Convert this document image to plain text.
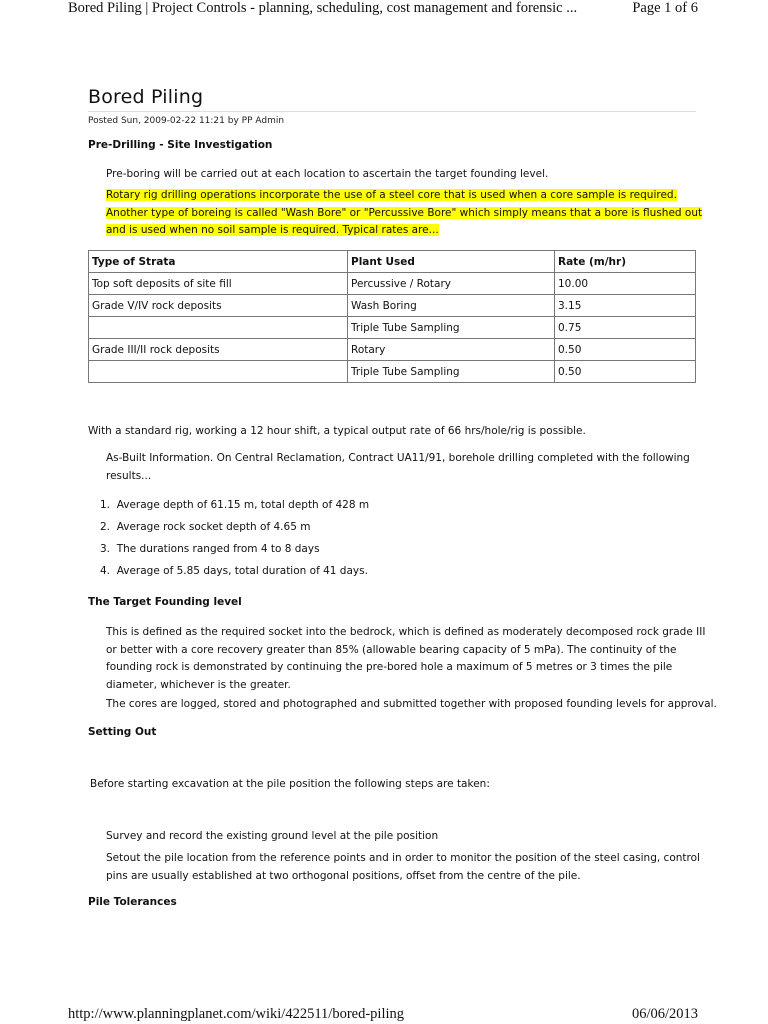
Bored Piling | Project Controls - planning, scheduling, cost management and forensic ...	Page 1 of 6
Bored Piling
Posted Sun, 2009-02-22 11:21 by PP Admin
Pre-Drilling - Site Investigation

Pre-boring will be carried out at each location to ascertain the target founding level.

Rotary rig drilling operations incorporate the use of a steel core that is used when a core sample is required.
Another type of boreing is called "Wash Bore" or "Percussive Bore" which simply means that a bore is flushed out
and is used when no soil sample is required. Typical rates are...
Type of Strata	Plant Used	Rate (m/hr)
Top soft deposits of site fill	Percussive / Rotary	10.00
Grade V/IV rock deposits	Wash Boring	3.15
	Triple Tube Sampling	0.75
Grade III/II rock deposits	Rotary	0.50
	Triple Tube Sampling	0.50

With a standard rig, working a 12 hour shift, a typical output rate of 66 hrs/hole/rig is possible.

As-Built Information. On Central Reclamation, Contract UA11/91, borehole drilling completed with the following
results...
1. Average depth of 61.15 m, total depth of 428 m
2. Average rock socket depth of 4.65 m
3. The durations ranged from 4 to 8 days
4. Average of 5.85 days, total duration of 41 days.
The Target Founding level
This is defined as the required socket into the bedrock, which is defined as moderately decomposed rock grade III
or better with a core recovery greater than 85% (allowable bearing capacity of 5 mPa). The continuity of the
founding rock is demonstrated by continuing the pre-bored hole a maximum of 5 metres or 3 times the pile
diameter, whichever is the greater.

The cores are logged, stored and photographed and submitted together with proposed founding levels for approval.

Setting Out

Before starting excavation at the pile position the following steps are taken:

Survey and record the existing ground level at the pile position

Setout the pile location from the reference points and in order to monitor the position of the steel casing, control
pins are usually established at two orthogonal positions, offset from the centre of the pile.
Pile Tolerances
http://www.planningplanet.com/wiki/422511/bored-piling	06/06/2013
